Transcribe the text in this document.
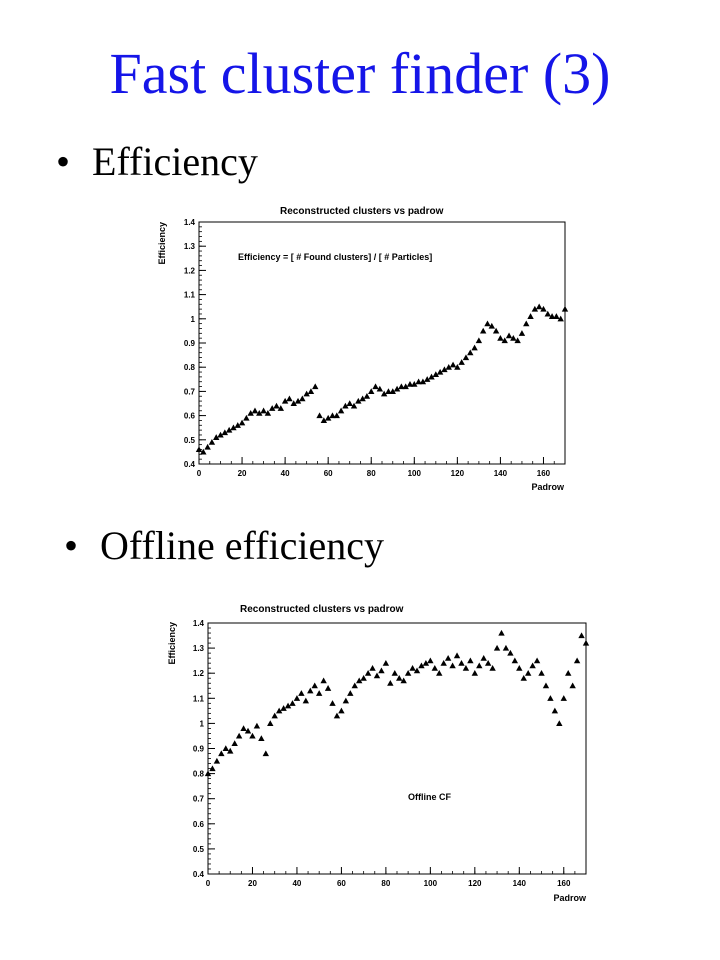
Fast cluster finder (3)
• Efficiency
Reconstructed clusters vs padrow
Efficiency = [ # Found clusters] / [ # Particles]
Padrow
Efficiency
0.4
0.5
0.6
0.7
0.8
0.9
1
1.1
1.2
1.3
1.4
0	20	40	60	80	100	120	140	160
• Offline efficiency
Reconstructed clusters vs padrow
Offline CF
Padrow
Efficiency
0.4
0.5
0.6
0.7
0.8
0.9
1
1.1
1.2
1.3
1.4
0	20	40	60	80	100	120	140	160
